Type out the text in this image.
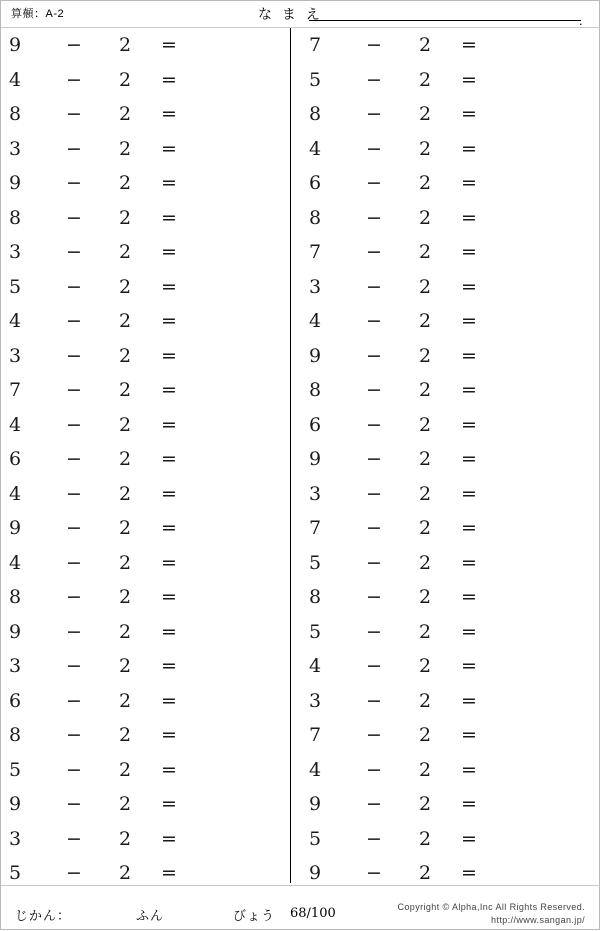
算顤：A-2	な ま え	.
9	− 2	=
4	− 2	=
8	− 2	=
3	− 2	=
9	− 2	=
8	− 2	=
3	− 2	=
5	− 2	=
4	− 2	=
3	− 2	=
7	− 2	=
4	− 2	=
6	− 2	=
4	− 2	=
9	− 2	=
4	− 2	=
8	− 2	=
9	− 2	=
3	− 2	=
6	− 2	=
8	− 2	=
5	− 2	=
9	− 2	=
3	− 2	=
5	− 2	=
7	− 2	=
5	− 2	=
8	− 2	=
4	− 2	=
6	− 2	=
8	− 2	=
7	− 2	=
3	− 2	=
4	− 2	=
9	− 2	=
8	− 2	=
6	− 2	=
9	− 2	=
3	− 2	=
7	− 2	=
5	− 2	=
8	− 2	=
5	− 2	=
4	− 2	=
3	− 2	=
7	− 2	=
4	− 2	=
9	− 2	=
5	− 2	=
9	− 2	=
じかん：	ふん	びょう 68/100	Copyright © Alpha,Inc All Rights Reserved.
http://www.sangan.jp/
